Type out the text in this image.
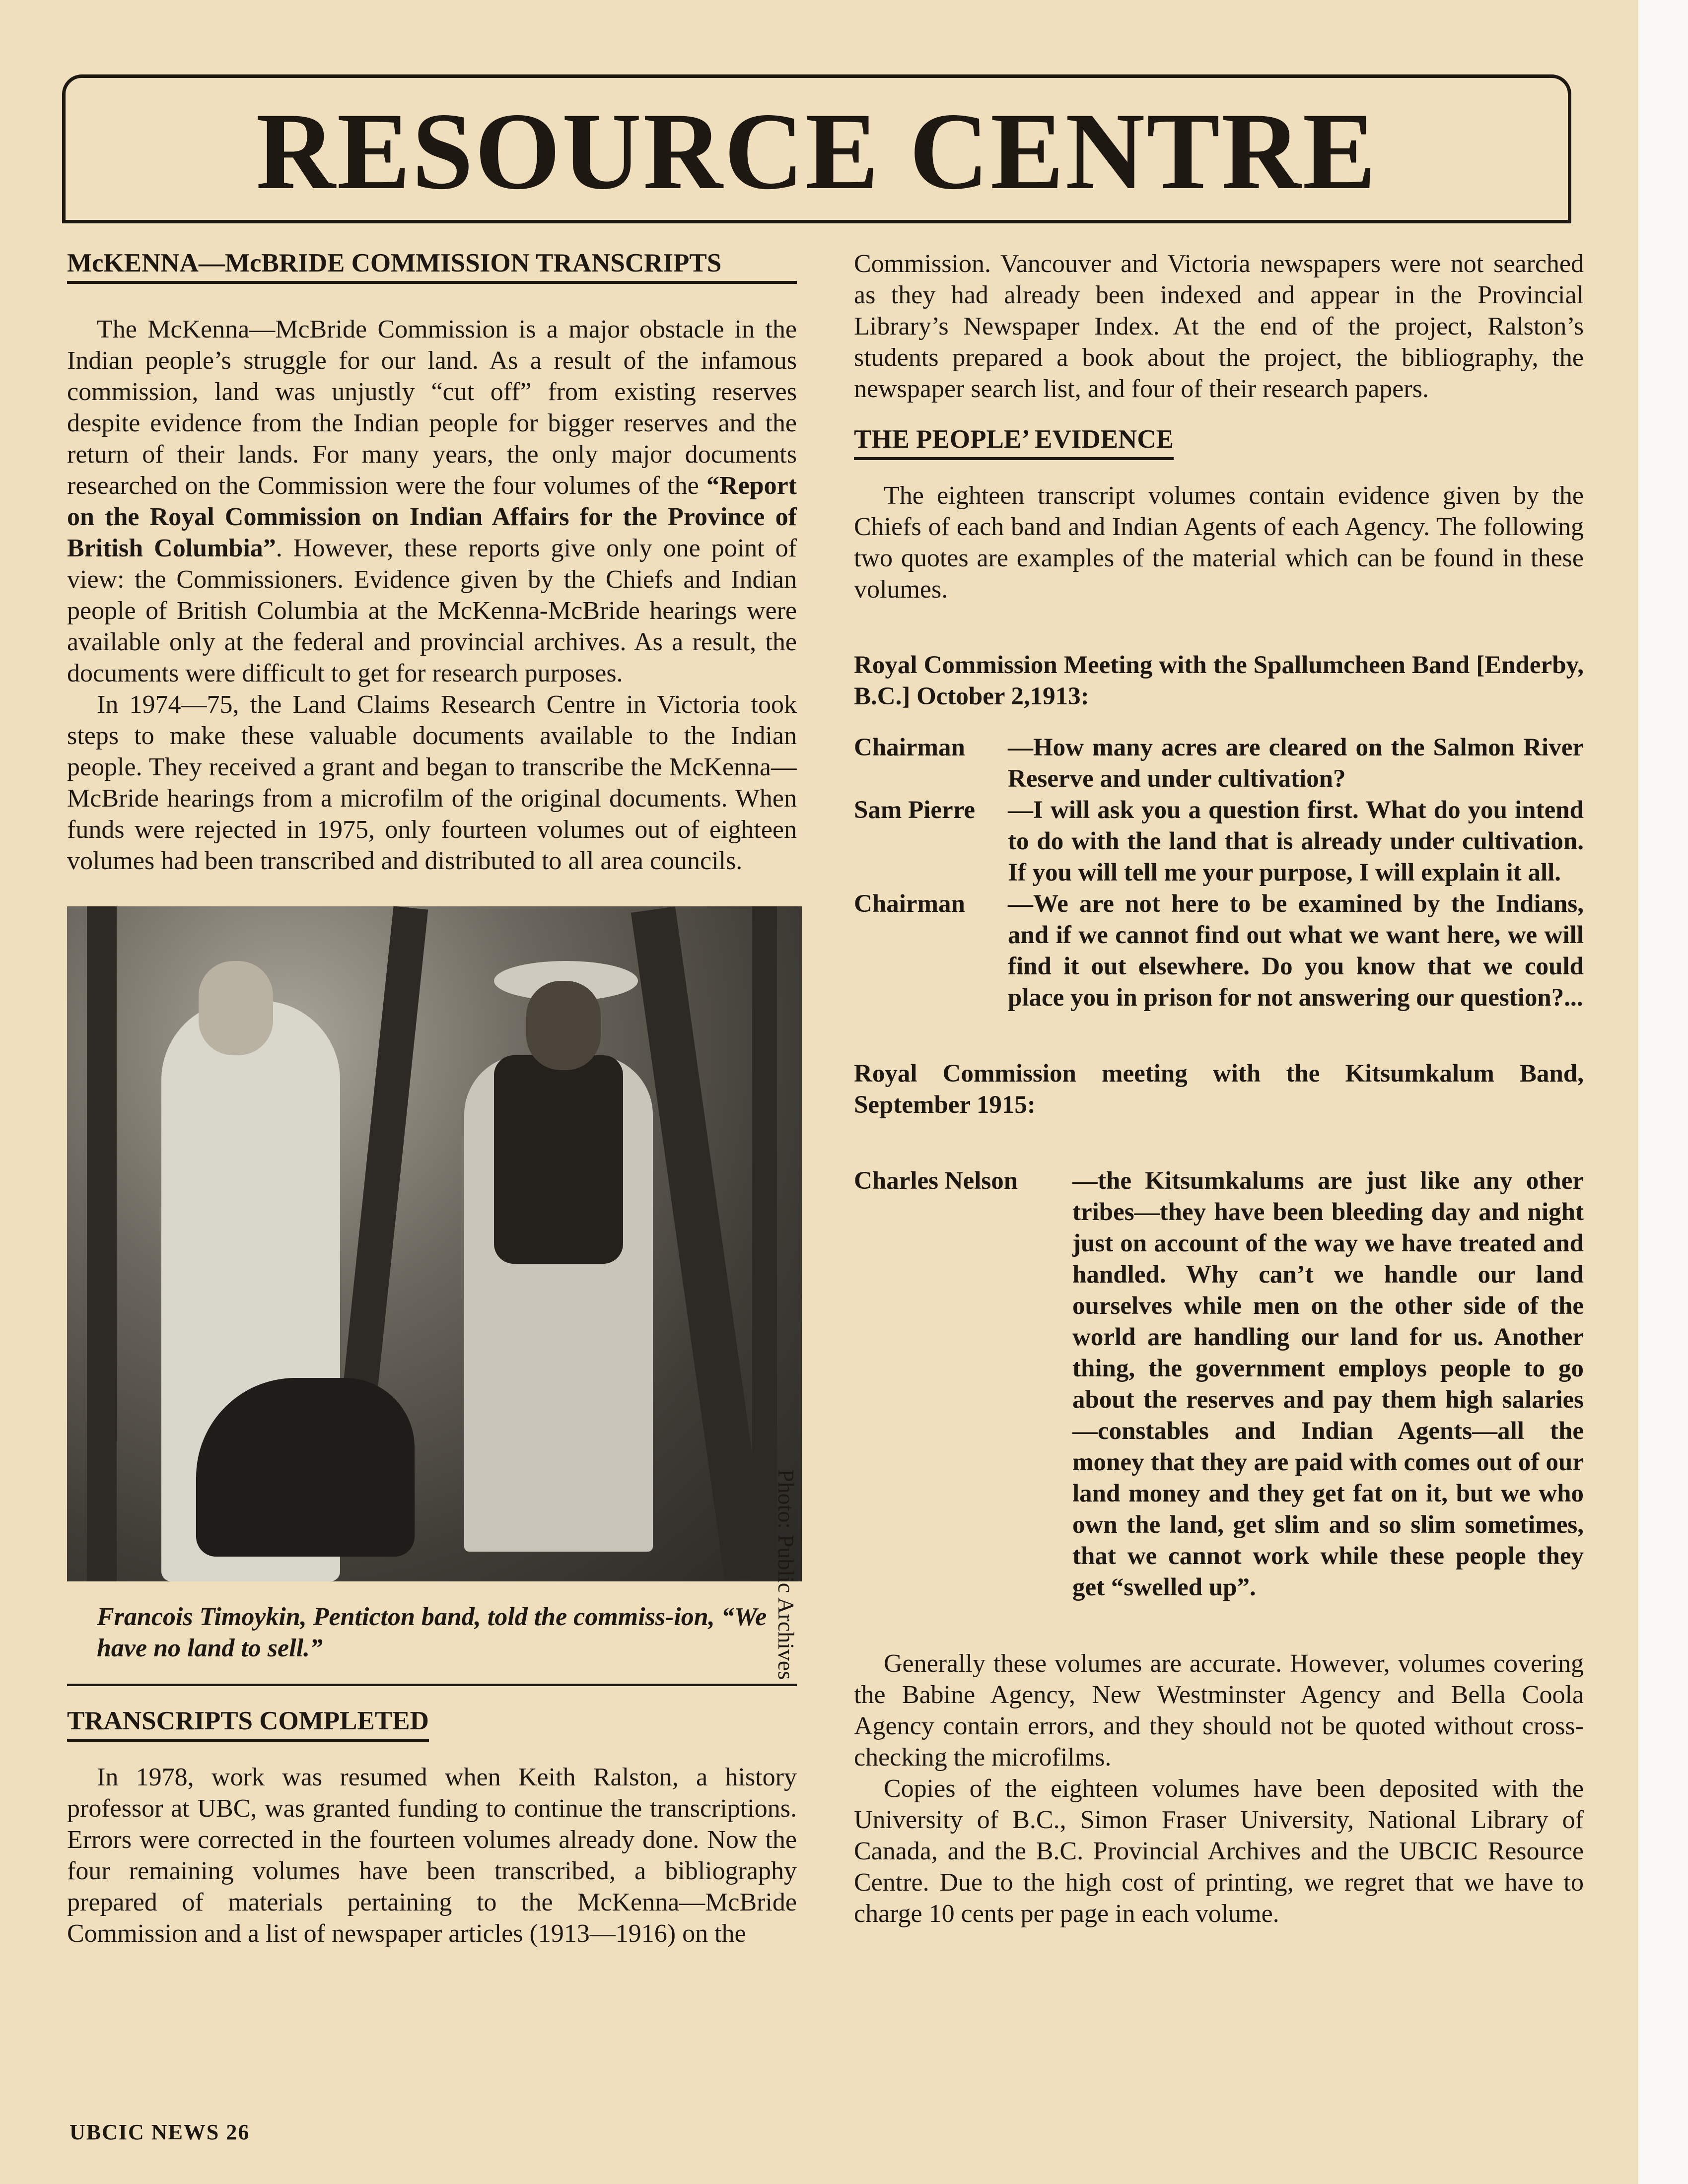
RESOURCE CENTRE
McKENNA—McBRIDE COMMISSION TRANSCRIPTS

The McKenna—McBride Commission is a major obstacle in the Indian people’s struggle for our land. As a result of the infamous commission, land was unjustly “cut off” from existing reserves despite evidence from the Indian people for bigger reserves and the return of their lands. For many years, the only major documents researched on the Commission were the four volumes of the “Report on the Royal Commission on Indian Affairs for the Province of British Columbia”. However, these reports give only one point of view: the Commissioners. Evidence given by the Chiefs and Indian people of British Columbia at the McKenna-McBride hearings were available only at the federal and provincial archives. As a result, the documents were difficult to get for research purposes.

In 1974—75, the Land Claims Research Centre in Victoria took steps to make these valuable documents available to the Indian people. They received a grant and began to transcribe the McKenna—McBride hearings from a microfilm of the original documents. When funds were rejected in 1975, only fourteen volumes out of eighteen volumes had been transcribed and distributed to all area councils.

Francois Timoykin, Penticton band, told the commiss-ion, “We have no land to sell.”
TRANSCRIPTS COMPLETED

In 1978, work was resumed when Keith Ralston, a history professor at UBC, was granted funding to continue the transcriptions. Errors were corrected in the fourteen volumes already done. Now the four remaining volumes have been transcribed, a bibliography prepared of materials pertaining to the McKenna—McBride Commission and a list of newspaper articles (1913—1916) on the

Photo: Public Archives

Commission. Vancouver and Victoria newspapers were not searched as they had already been indexed and appear in the Provincial Library’s Newspaper Index. At the end of the project, Ralston’s students prepared a book about the project, the bibliography, the newspaper search list, and four of their research papers.

THE PEOPLE’ EVIDENCE

The eighteen transcript volumes contain evidence given by the Chiefs of each band and Indian Agents of each Agency. The following two quotes are examples of the material which can be found in these volumes.

Royal Commission Meeting with the Spallumcheen Band [Enderby, B.C.] October 2,1913:

Chairman	—How many acres are cleared on the Salmon River Reserve and under cultivation?
Sam Pierre	—I will ask you a question first. What do you intend to do with the land that is already under cultivation. If you will tell me your purpose, I will explain it all.
Chairman	—We are not here to be examined by the Indians, and if we cannot find out what we want here, we will find it out elsewhere. Do you know that we could place you in prison for not answering our question?...

Royal Commission meeting with the Kitsumkalum Band, September 1915:

Charles Nelson	—the Kitsumkalums are just like any other tribes—they have been bleeding day and night just on account of the way we have treated and handled. Why can’t we handle our land ourselves while men on the other side of the world are handling our land for us. Another thing, the government employs people to go about the reserves and pay them high salaries—constables and Indian Agents—all the money that they are paid with comes out of our land money and they get fat on it, but we who own the land, get slim and so slim sometimes, that we cannot work while these people they get “swelled up”.

Generally these volumes are accurate. However, volumes covering the Babine Agency, New Westminster Agency and Bella Coola Agency contain errors, and they should not be quoted without cross-checking the microfilms.

Copies of the eighteen volumes have been deposited with the University of B.C., Simon Fraser University, National Library of Canada, and the B.C. Provincial Archives and the UBCIC Resource Centre. Due to the high cost of printing, we regret that we have to charge 10 cents per page in each volume.

UBCIC NEWS 26
